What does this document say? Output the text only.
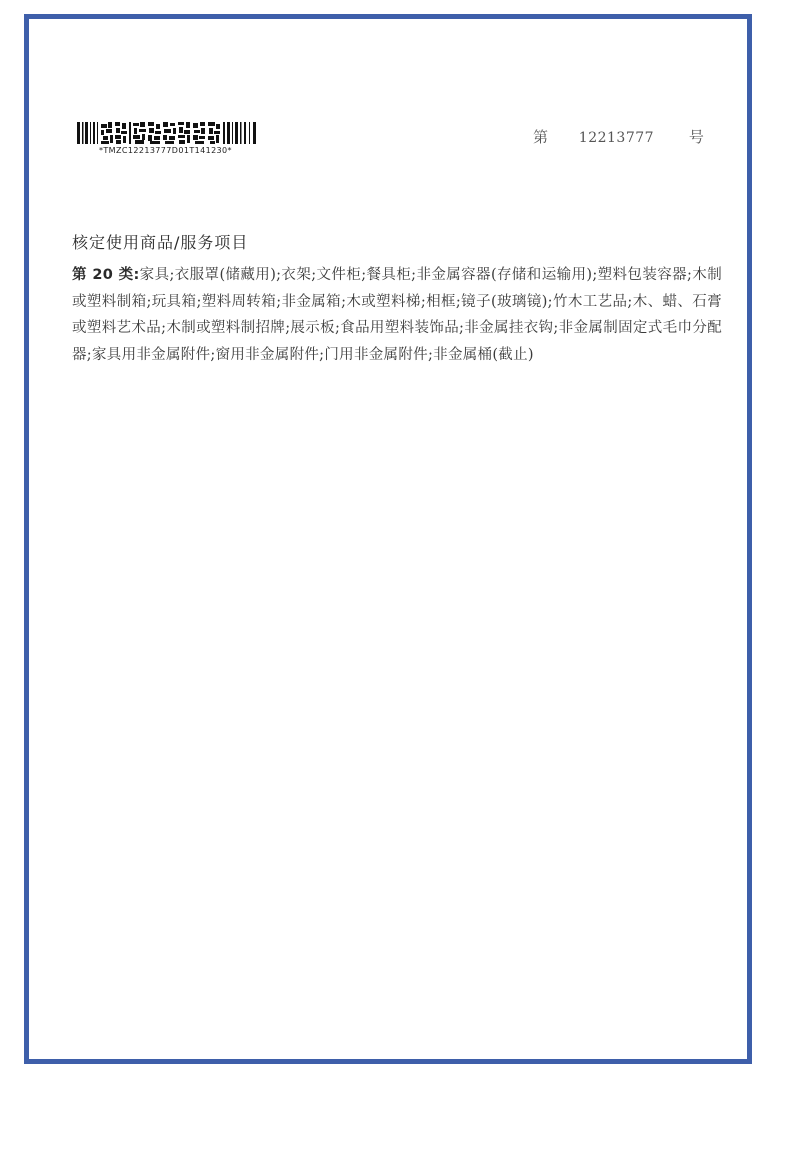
*TMZC12213777D01T141230*
第 12213777 号
核定使用商品/服务项目
第 20 类:家具;衣服罩(储藏用);衣架;文件柜;餐具柜;非金属容器(存储和运输用);塑料包装容器;木制或塑料制箱;玩具箱;塑料周转箱;非金属箱;木或塑料梯;相框;镜子(玻璃镜);竹木工艺品;木、蜡、石膏或塑料艺术品;木制或塑料制招牌;展示板;食品用塑料装饰品;非金属挂衣钩;非金属制固定式毛巾分配器;家具用非金属附件;窗用非金属附件;门用非金属附件;非金属桶(截止)
